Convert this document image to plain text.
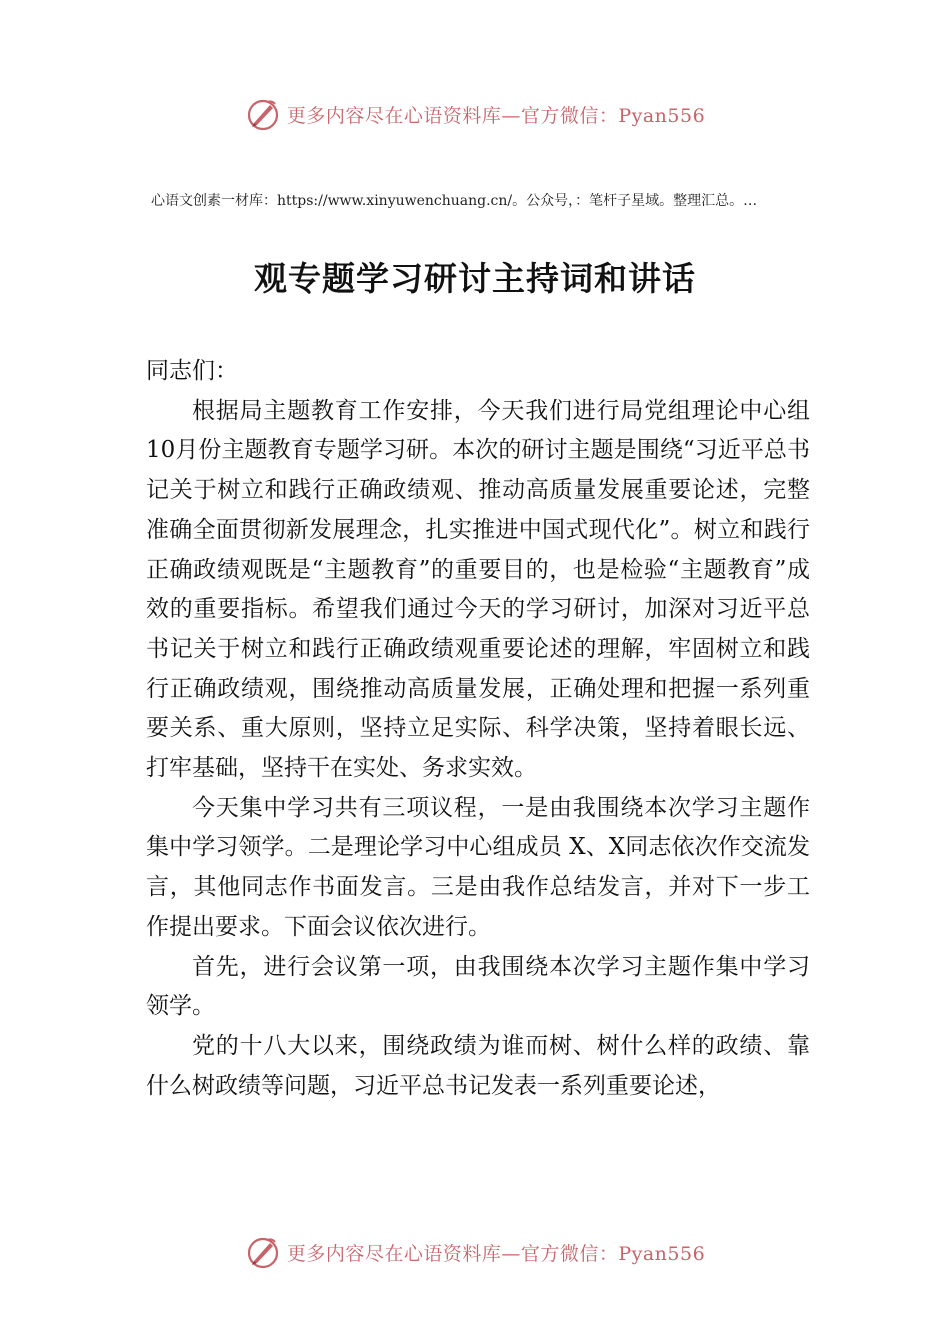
更多内容尽在心语资料库—官方微信：Pyan556
心语文创素一材库：https://www.xinyuwenchuang.cn/。公众号，：笔杆子星域。整理汇总。…
观专题学习研讨主持词和讲话

同志们：

根据局主题教育工作安排，今天我们进行局党组理论中心组 10月份主题教育专题学习研。本次的研讨主题是围绕“习近平总书记关于树立和践行正确政绩观、推动高质量发展重要论述，完整准确全面贯彻新发展理念，扎实推进中国式现代化”。树立和践行正确政绩观既是“主题教育”的重要目的，也是检验“主题教育”成效的重要指标。希望我们通过今天的学习研讨，加深对习近平总书记关于树立和践行正确政绩观重要论述的理解，牢固树立和践行正确政绩观，围绕推动高质量发展，正确处理和把握一系列重要关系、重大原则，坚持立足实际、科学决策，坚持着眼长远、打牢基础，坚持干在实处、务求实效。

今天集中学习共有三项议程，一是由我围绕本次学习主题作集中学习领学。二是理论学习中心组成员 X、X同志依次作交流发言，其他同志作书面发言。三是由我作总结发言，并对下一步工作提出要求。下面会议依次进行。

首先，进行会议第一项，由我围绕本次学习主题作集中学习领学。

党的十八大以来，围绕政绩为谁而树、树什么样的政绩、靠什么树政绩等问题，习近平总书记发表一系列重要论述，

更多内容尽在心语资料库—官方微信：Pyan556
